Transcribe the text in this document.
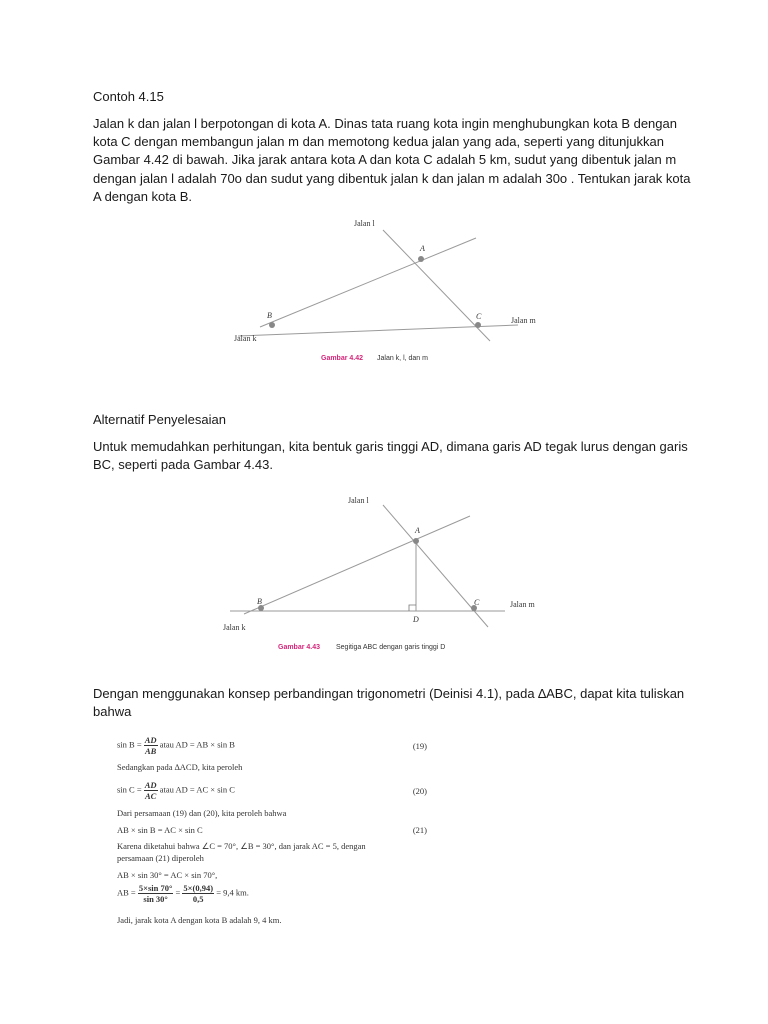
Contoh 4.15

Jalan k dan jalan l berpotongan di kota A. Dinas tata ruang kota ingin menghubungkan kota B dengan kota C dengan membangun jalan m dan memotong kedua jalan yang ada, seperti yang ditunjukkan Gambar 4.42 di bawah. Jika jarak antara kota A dan kota C adalah 5 km, sudut yang dibentuk jalan m dengan jalan l adalah 70o dan sudut yang dibentuk jalan k dan jalan m adalah 30o . Tentukan jarak kota A dengan kota B.

Jalan l
A
B	C	Jalan m
Jalan k
Gambar 4.42 Jalan k, l, dan m

Alternatif Penyelesaian

Untuk memudahkan perhitungan, kita bentuk garis tinggi AD, dimana garis AD tegak lurus dengan garis BC, seperti pada Gambar 4.43.

Jalan l
A
B	C
D
Jalan m
Jalan k
Gambar 4.43 Segitiga ABC dengan garis tinggi D

Dengan menggunakan konsep perbandingan trigonometri (Deinisi 4.1), pada ∆ABC, dapat kita tuliskan bahwa

$\sin B = \frac{AD}{AB}$ atau AD = AB × sin B	(19)
Sedangkan pada ∆ACD, kita peroleh
$\sin C = \frac{AD}{AC}$ atau AD = AC × sin C	(20)
Dari persamaan (19) dan (20), kita peroleh bahwa
AB × sin B = AC × sin C	(21)
Karena diketahui bahwa ∠C = 70°, ∠B = 30°, dan jarak AC = 5, dengan
persamaan (21) diperoleh
AB × sin 30° = AC × sin 70°,
AB = $\frac{5\times\sin 70^\circ}{\sin 30^\circ} = \frac{5\times(0,94)}{0,5} = 9,4$ km.
Jadi, jarak kota A dengan kota B adalah 9, 4 km.
